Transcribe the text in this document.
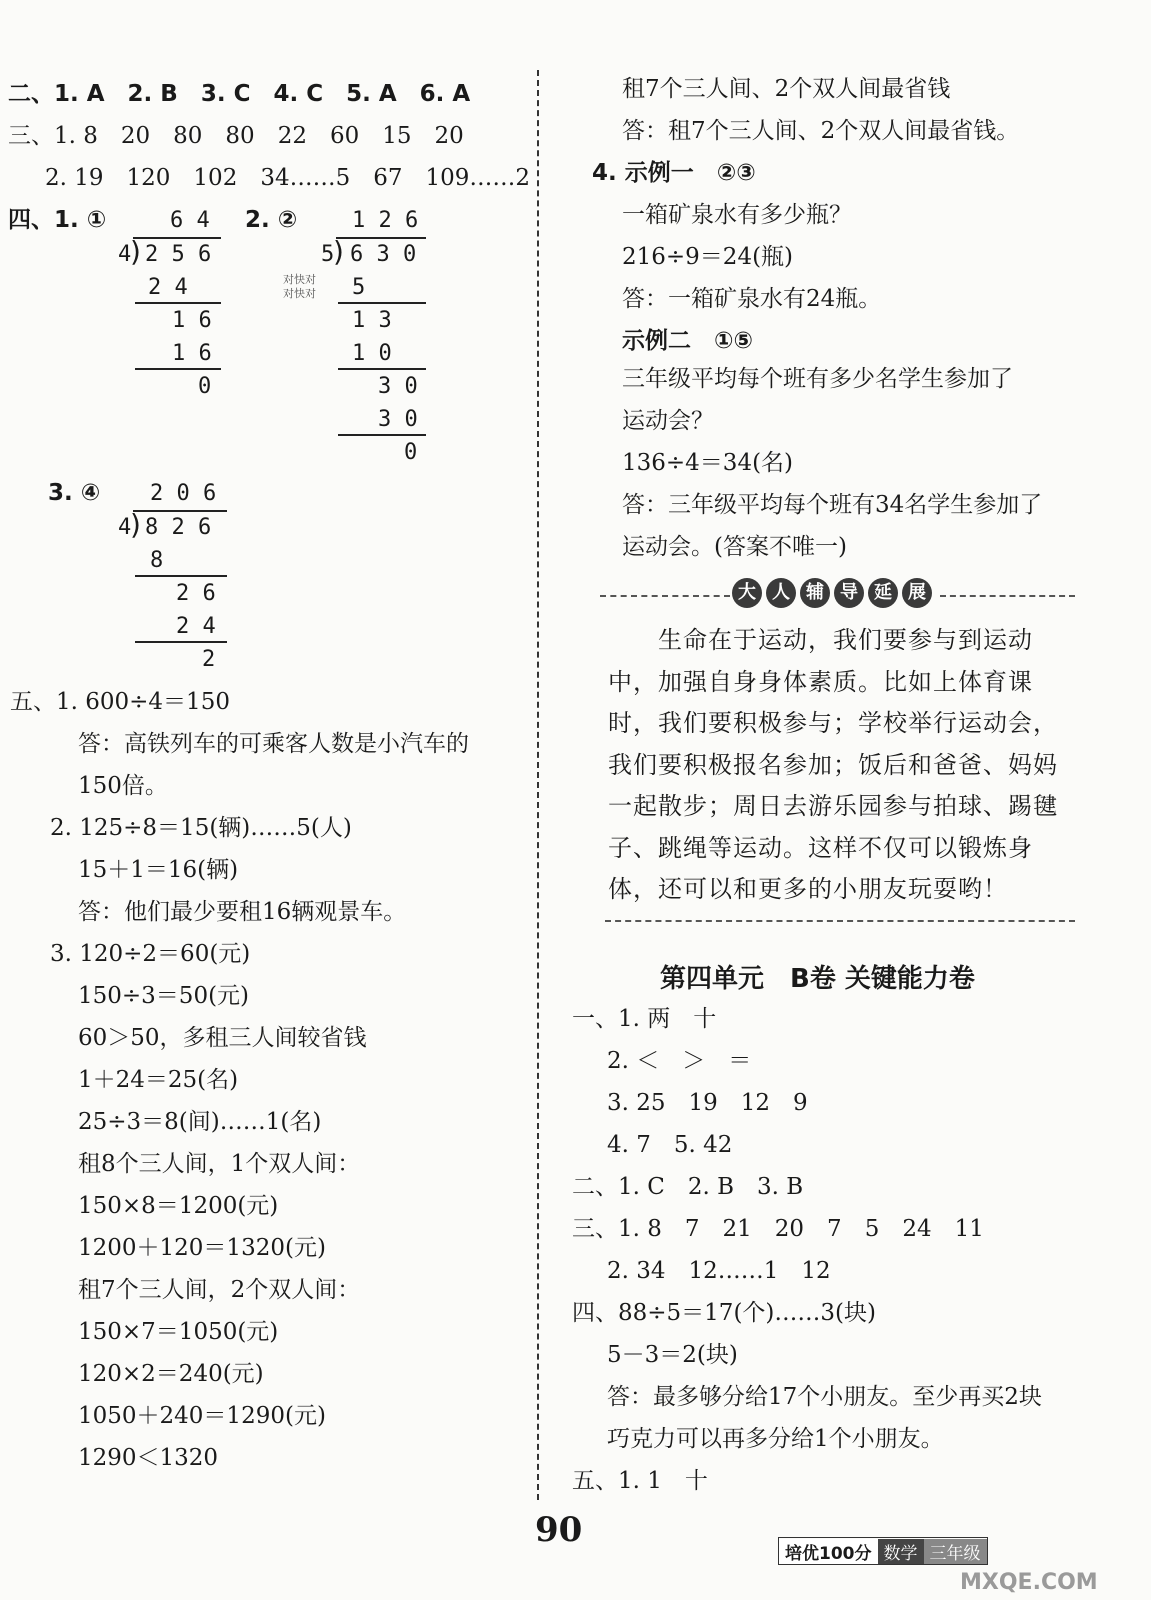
二、1. A　2. B　3. C　4. C　5. A　6. A
三、1. 8　20　80　80　22　60　15　20
2. 19　120　102　34……5　67　109……2
四、1. ①	2. ②
6 4
4
) 2 5 6
2 4
1 6
1 6
0
1 2 6
5
) 6 3 0
5
1 3
1 0
3 0
3 0
0
对快对
对快对
3. ④ 2 0 6
4
) 8 2 6
8
2 6
2 4
2
五、1. 600÷4＝150
答：高铁列车的可乘客人数是小汽车的
150倍。
2. 125÷8＝15(辆)……5(人)
15＋1＝16(辆)
答：他们最少要租16辆观景车。
3. 120÷2＝60(元)
150÷3＝50(元)
60＞50，多租三人间较省钱
1＋24＝25(名)
25÷3＝8(间)……1(名)
租8个三人间，1个双人间：
150×8＝1200(元)
1200＋120＝1320(元)
租7个三人间，2个双人间：
150×7＝1050(元)
120×2＝240(元)
1050＋240＝1290(元)
1290＜1320
租7个三人间、2个双人间最省钱
答：租7个三人间、2个双人间最省钱。
4. 示例一　②③
一箱矿泉水有多少瓶？
216÷9＝24(瓶)
答：一箱矿泉水有24瓶。
示例二　①⑤
三年级平均每个班有多少名学生参加了
运动会？
136÷4＝34(名)
答：三年级平均每个班有34名学生参加了
运动会。(答案不唯一)
大 人 辅 导 延 展
　　生命在于运动，我们要参与到运动中，加强自身身体素质。比如上体育课时，我们要积极参与；学校举行运动会，我们要积极报名参加；饭后和爸爸、妈妈一起散步；周日去游乐园参与拍球、踢毽子、跳绳等运动。这样不仅可以锻炼身体，还可以和更多的小朋友玩耍哟！
第四单元　B卷 关键能力卷
一、1. 两　十
2. ＜　＞　＝
3. 25　19　12　9
4. 7　5. 42
二、1. C　2. B　3. B
三、1. 8　7　21　20　7　5　24　11
2. 34　12……1　12
四、88÷5＝17(个)……3(块)
5－3＝2(块)
答：最多够分给17个小朋友。至少再买2块
巧克力可以再多分给1个小朋友。
五、1. 1　十
90
培优100分 数学 三年级
MXQE.COM
